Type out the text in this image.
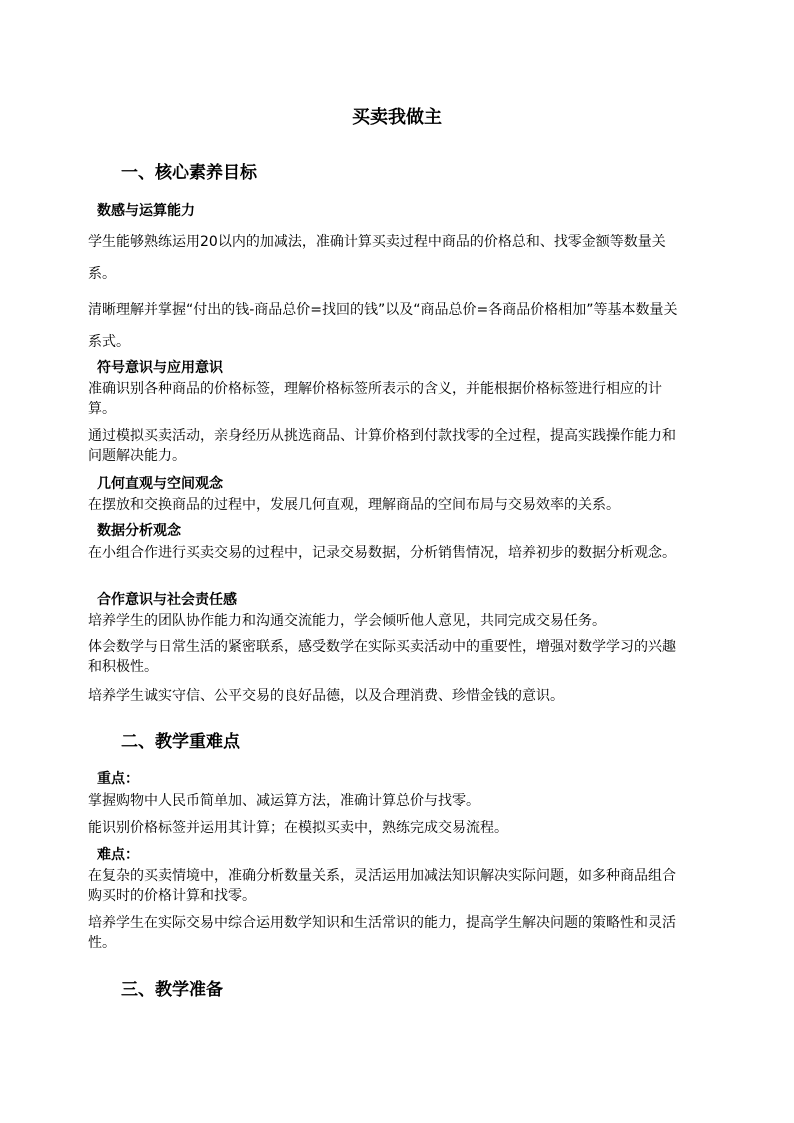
买卖我做主
一、核心素养目标
数感与运算能力
学生能够熟练运用20以内的加减法，准确计算买卖过程中商品的价格总和、找零金额等数量关系。
清晰理解并掌握“付出的钱-商品总价=找回的钱”以及“商品总价=各商品价格相加”等基本数量关系式。
符号意识与应用意识
准确识别各种商品的价格标签，理解价格标签所表示的含义，并能根据价格标签进行相应的计算。
通过模拟买卖活动，亲身经历从挑选商品、计算价格到付款找零的全过程，提高实践操作能力和问题解决能力。
几何直观与空间观念
在摆放和交换商品的过程中，发展几何直观，理解商品的空间布局与交易效率的关系。
数据分析观念
在小组合作进行买卖交易的过程中，记录交易数据，分析销售情况，培养初步的数据分析观念。
合作意识与社会责任感
培养学生的团队协作能力和沟通交流能力，学会倾听他人意见，共同完成交易任务。
体会数学与日常生活的紧密联系，感受数学在实际买卖活动中的重要性，增强对数学学习的兴趣和积极性。
培养学生诚实守信、公平交易的良好品德，以及合理消费、珍惜金钱的意识。
二、教学重难点
重点：
掌握购物中人民币简单加、减运算方法，准确计算总价与找零。
能识别价格标签并运用其计算；在模拟买卖中，熟练完成交易流程。
难点：
在复杂的买卖情境中，准确分析数量关系，灵活运用加减法知识解决实际问题，如多种商品组合购买时的价格计算和找零。
培养学生在实际交易中综合运用数学知识和生活常识的能力，提高学生解决问题的策略性和灵活性。
三、教学准备
